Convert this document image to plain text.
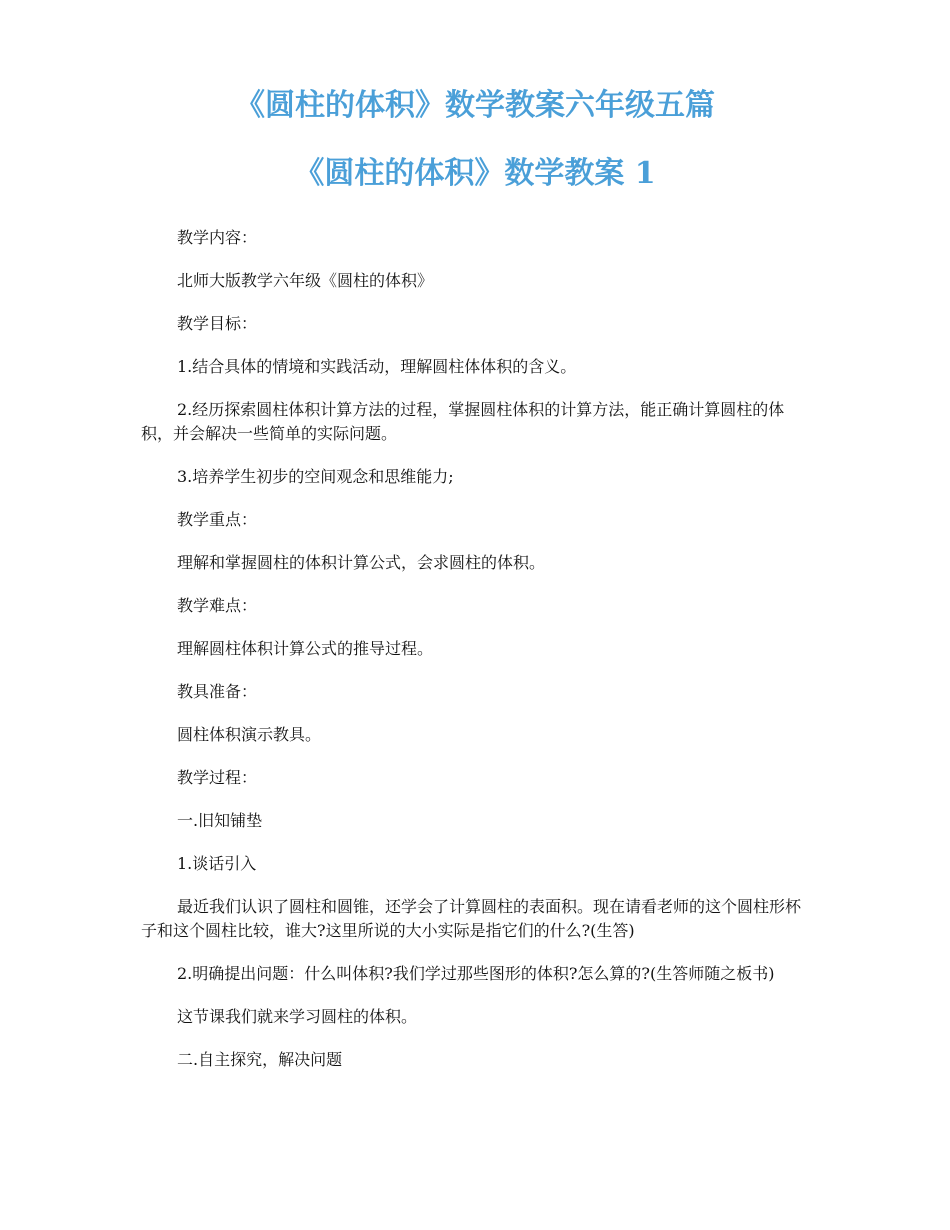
《圆柱的体积》数学教案六年级五篇
《圆柱的体积》数学教案 1

教学内容：

北师大版教学六年级《圆柱的体积》

教学目标：

1.结合具体的情境和实践活动，理解圆柱体体积的含义。

2.经历探索圆柱体积计算方法的过程，掌握圆柱体积的计算方法，能正确计算圆柱的体积，并会解决一些简单的实际问题。

3.培养学生初步的空间观念和思维能力;

教学重点：

理解和掌握圆柱的体积计算公式，会求圆柱的体积。

教学难点：

理解圆柱体积计算公式的推导过程。

教具准备：

圆柱体积演示教具。

教学过程：

一.旧知铺垫

1.谈话引入

最近我们认识了圆柱和圆锥，还学会了计算圆柱的表面积。现在请看老师的这个圆柱形杯子和这个圆柱比较，谁大?这里所说的大小实际是指它们的什么?(生答)

2.明确提出问题：什么叫体积?我们学过那些图形的体积?怎么算的?(生答师随之板书)

这节课我们就来学习圆柱的体积。

二.自主探究，解决问题
